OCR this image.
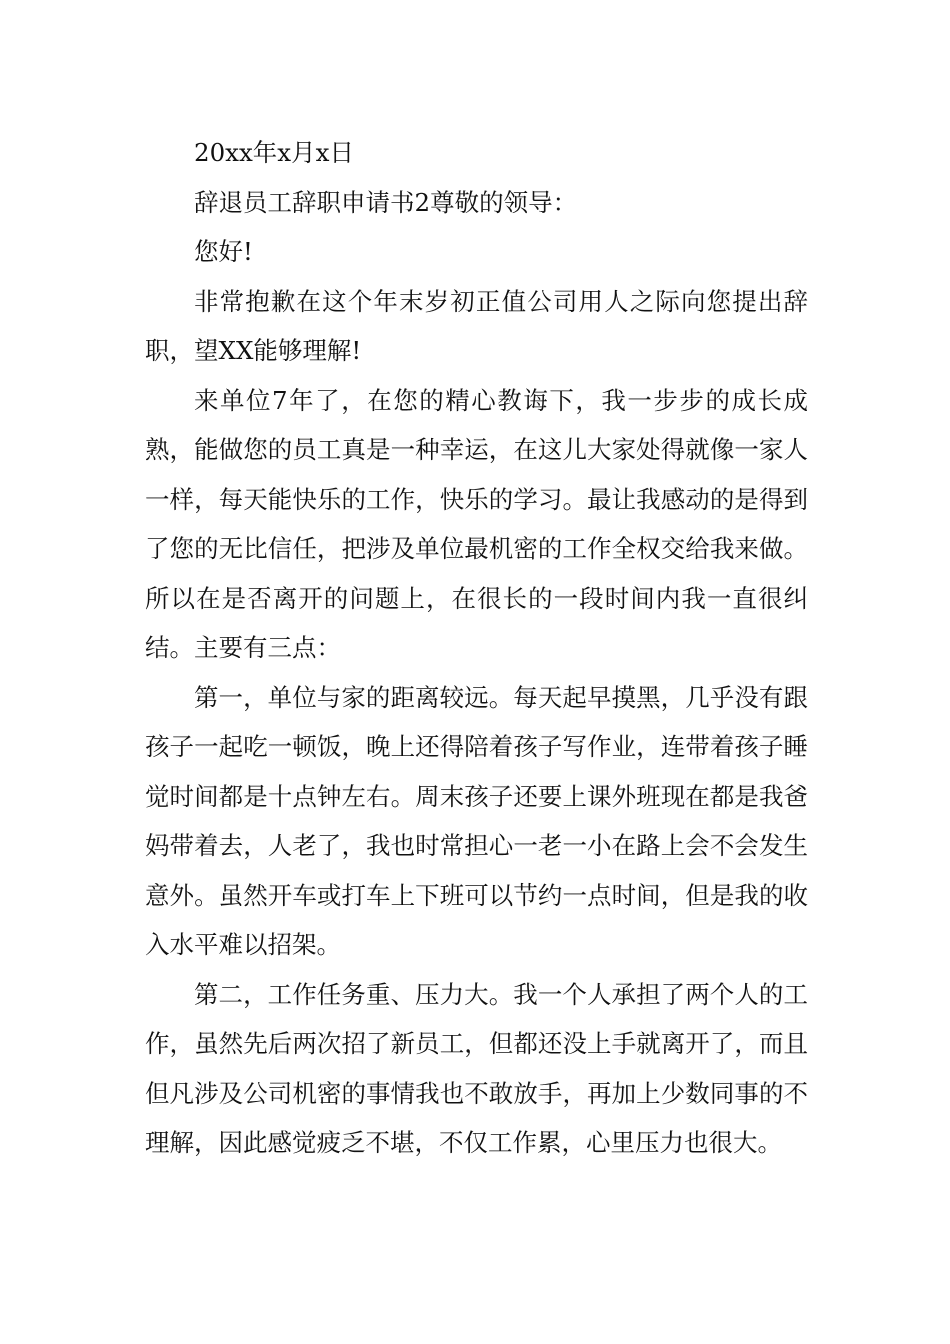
20xx年x月x日

辞退员工辞职申请书2尊敬的领导：

您好!

非常抱歉在这个年末岁初正值公司用人之际向您提出辞职，望XX能够理解!

来单位7年了，在您的精心教诲下，我一步步的成长成熟，能做您的员工真是一种幸运，在这儿大家处得就像一家人一样，每天能快乐的工作，快乐的学习。最让我感动的是得到了您的无比信任，把涉及单位最机密的工作全权交给我来做。所以在是否离开的问题上，在很长的一段时间内我一直很纠结。主要有三点：

第一，单位与家的距离较远。每天起早摸黑，几乎没有跟孩子一起吃一顿饭，晚上还得陪着孩子写作业，连带着孩子睡觉时间都是十点钟左右。周末孩子还要上课外班现在都是我爸妈带着去，人老了，我也时常担心一老一小在路上会不会发生意外。虽然开车或打车上下班可以节约一点时间，但是我的收入水平难以招架。

第二，工作任务重、压力大。我一个人承担了两个人的工作，虽然先后两次招了新员工，但都还没上手就离开了，而且但凡涉及公司机密的事情我也不敢放手，再加上少数同事的不理解，因此感觉疲乏不堪，不仅工作累，心里压力也很大。
